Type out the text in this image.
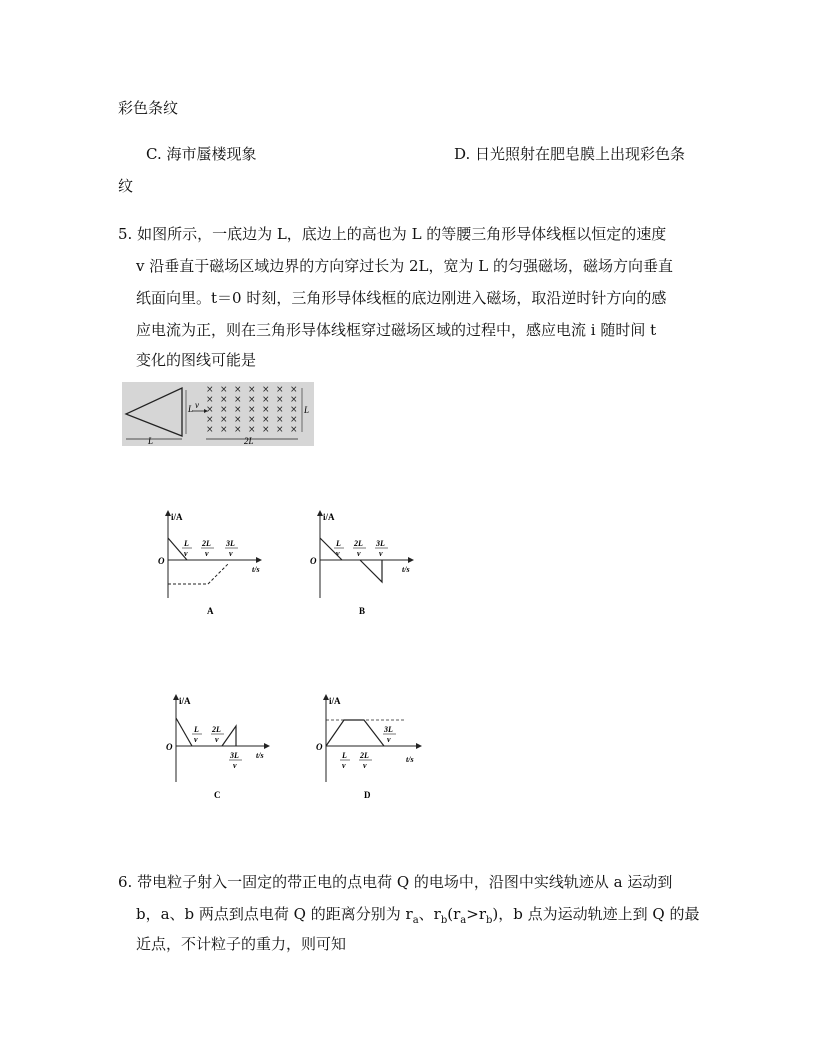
彩色条纹
C. 海市蜃楼现象	D. 日光照射在肥皂膜上出现彩色条
纹
5. 如图所示，一底边为 L，底边上的高也为 L 的等腰三角形导体线框以恒定的速度
v 沿垂直于磁场区域边界的方向穿过长为 2L，宽为 L 的匀强磁场，磁场方向垂直
纸面向里。t＝0 时刻，三角形导体线框的底边刚进入磁场，取沿逆时针方向的感
应电流为正，则在三角形导体线框穿过磁场区域的过程中，感应电流 i 随时间 t
变化的图线可能是
L
L v
× × × × × × ×
× × × × × × ×
× × × × × × ×
× × × × × × ×
× × × × × × ×
L
2L
i/A
O
t/s
L
v
2L
v
3L
v
A
i/A
O
t/s
L
v
2L
v
3L
v
B
i/A
O
t/s
L
v
2L
v
3L
v
C
i/A
O
t/s
L
v
2L
v
3L
v
D
6. 带电粒子射入一固定的带正电的点电荷 Q 的电场中，沿图中实线轨迹从 a 运动到
b，a、b 两点到点电荷 Q 的距离分别为 $r_a$、$r_b(r_a>r_b)$，b 点为运动轨迹上到 Q 的最
近点，不计粒子的重力，则可知
